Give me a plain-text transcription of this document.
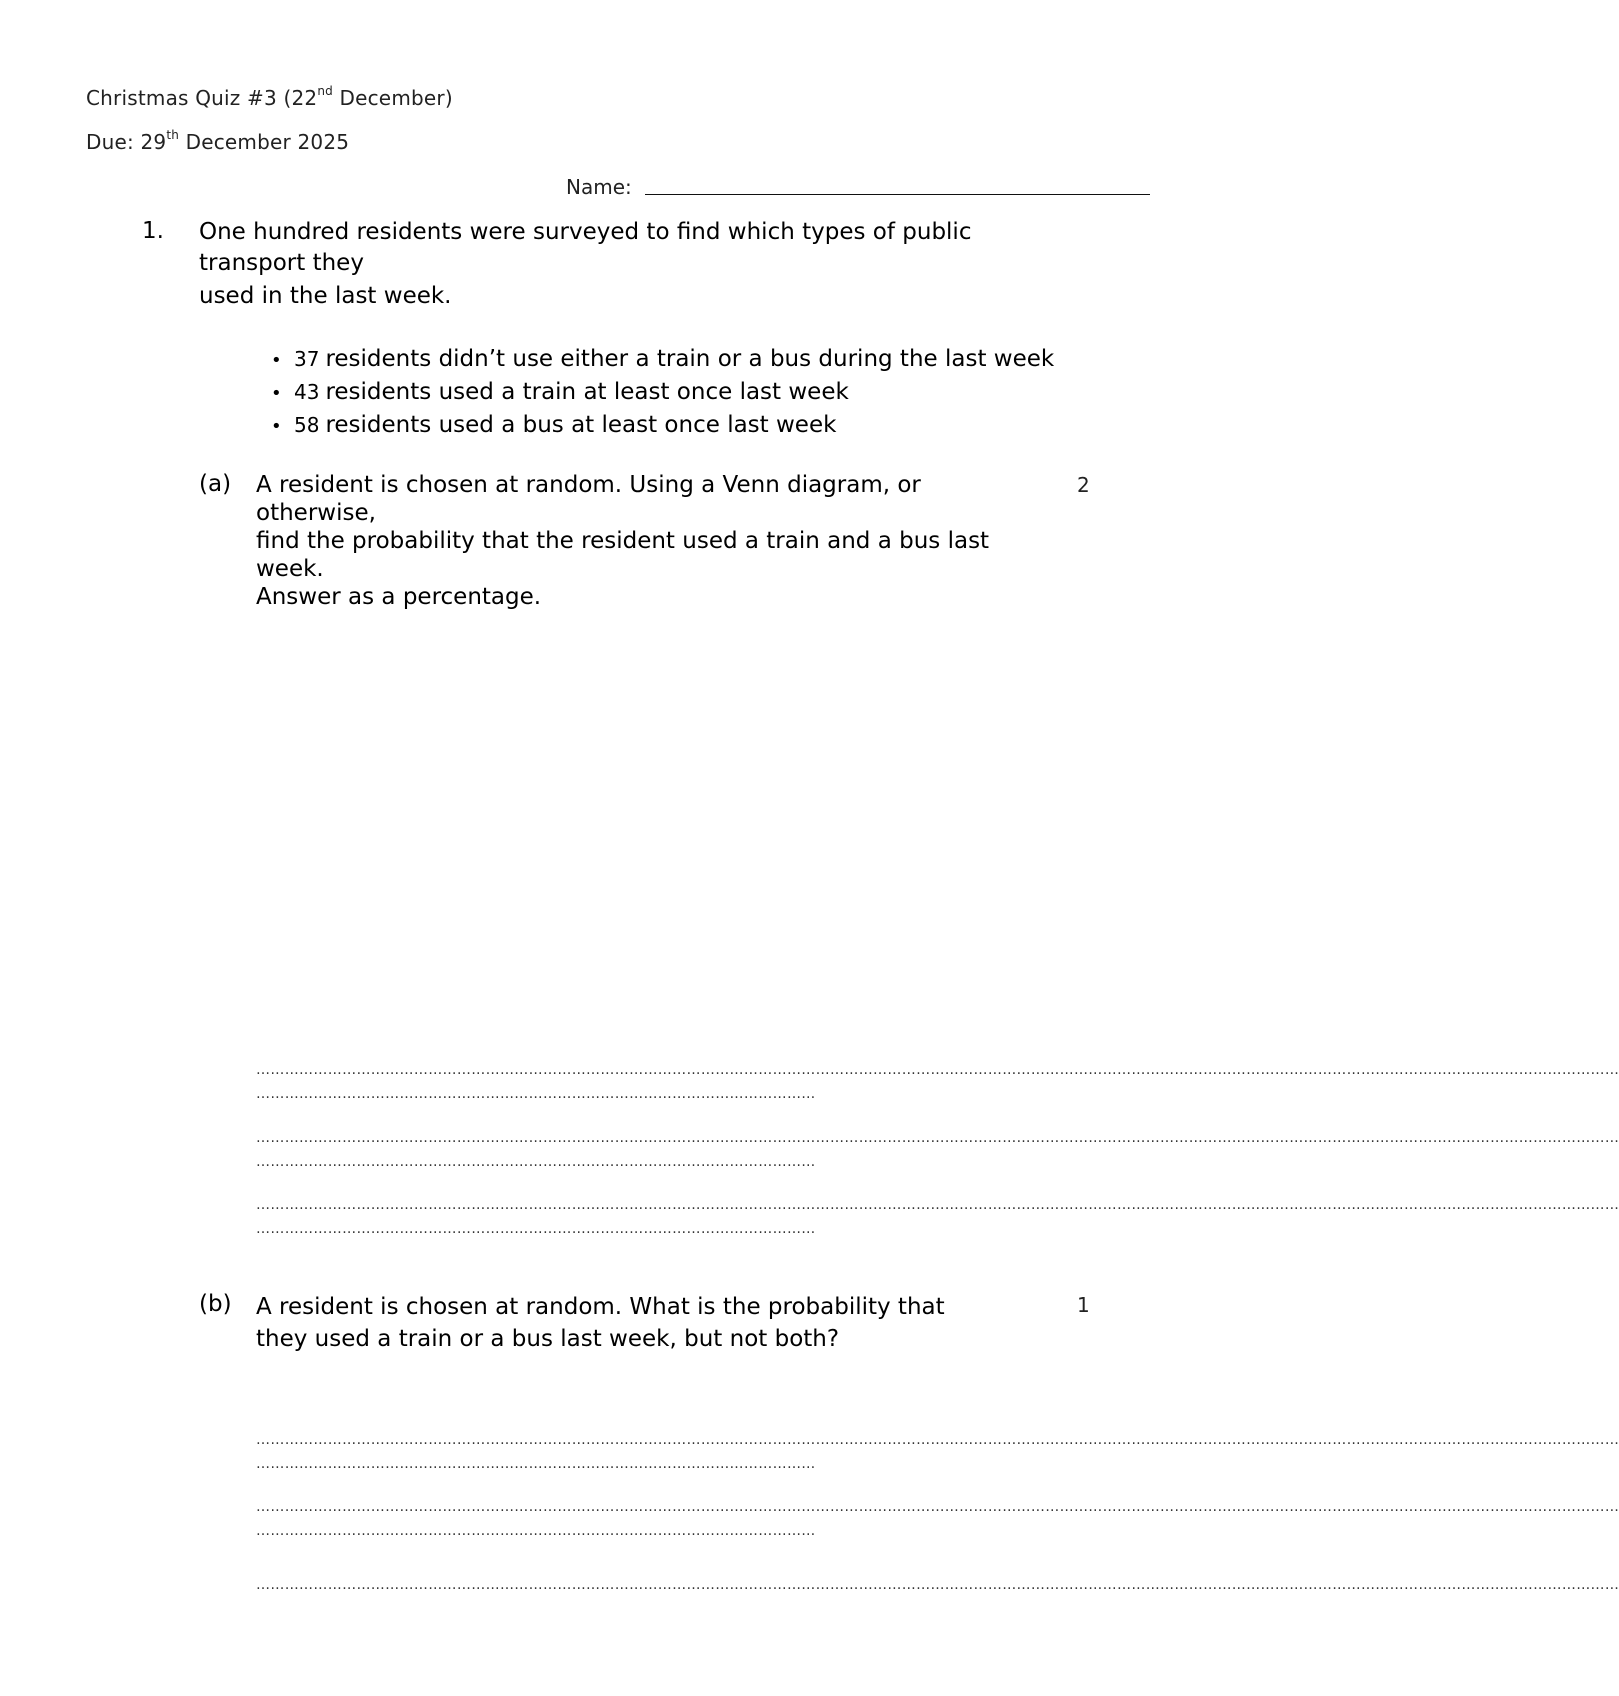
Christmas Quiz #3 (22nd December)
Due: 29th December 2025
Name:
1. One hundred residents were surveyed to find which types of public
transport they
used in the last week.
• 37 residents didn’t use either a train or a bus during the last week
• 43 residents used a train at least once last week
• 58 residents used a bus at least once last week
(a) A resident is chosen at random. Using a Venn diagram, or
otherwise,
find the probability that the resident used a train and a bus last
week.
Answer as a percentage.
2
……………………………………………………………………………………………………………………………………………………………………………………………………………………………………………………………
………………………………………………………………………………………………………
……………………………………………………………………………………………………………………………………………………………………………………………………………………………………………………………
………………………………………………………………………………………………………
……………………………………………………………………………………………………………………………………………………………………………………………………………………………………………………………
………………………………………………………………………………………………………
(b) A resident is chosen at random. What is the probability that
they used a train or a bus last week, but not both?
1
……………………………………………………………………………………………………………………………………………………………………………………………………………………………………………………………
………………………………………………………………………………………………………
……………………………………………………………………………………………………………………………………………………………………………………………………………………………………………………………
………………………………………………………………………………………………………
……………………………………………………………………………………………………………………………………………………………………………………………………………………………………………………………
